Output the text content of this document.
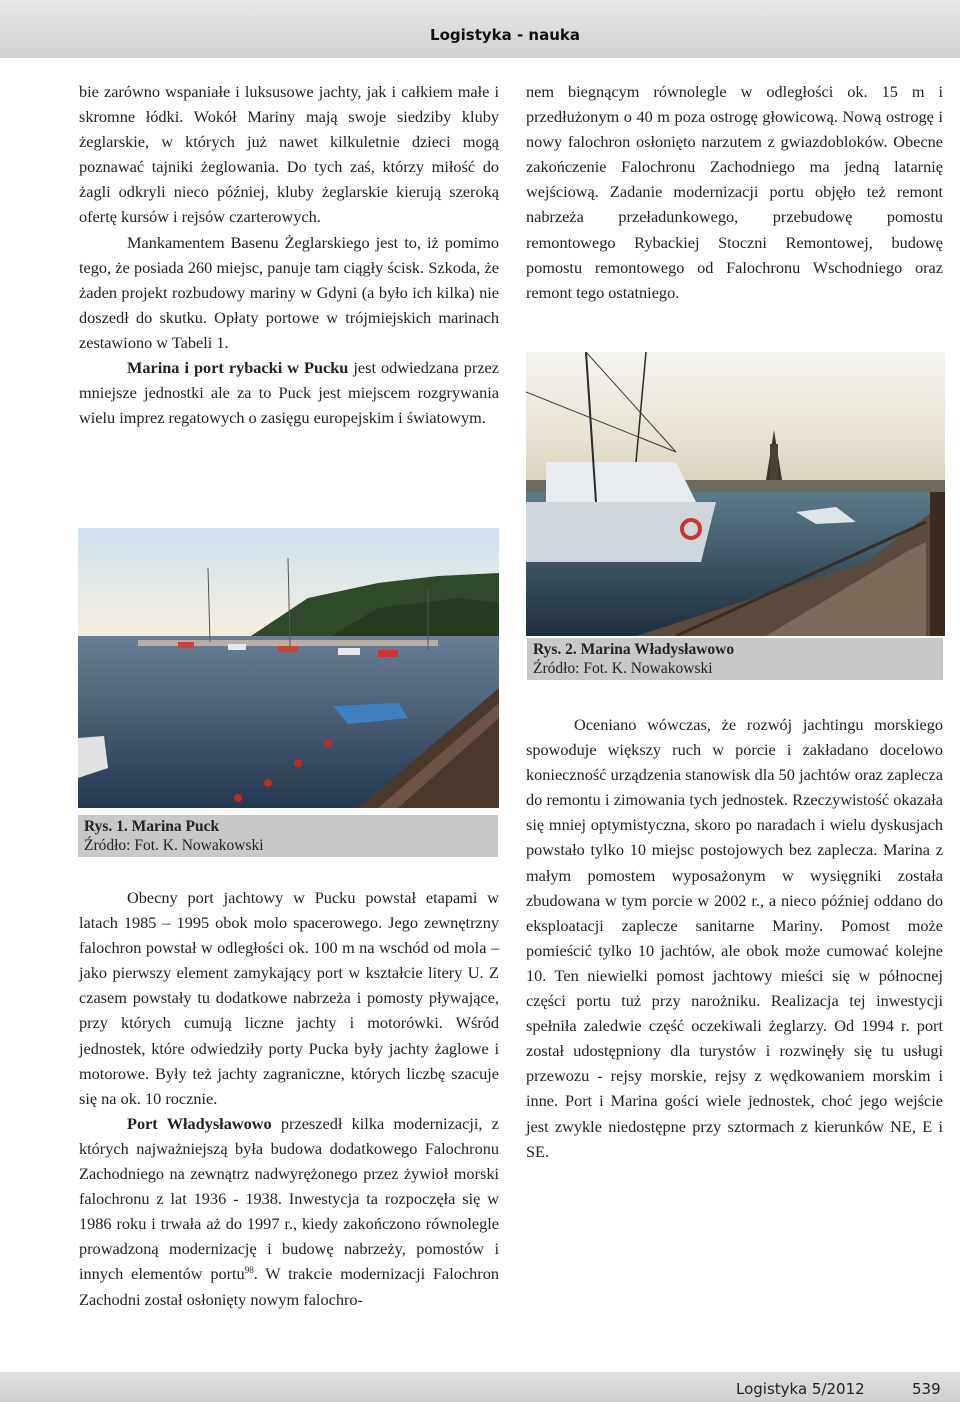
Logistyka - nauka

bie zarówno wspaniałe i luksusowe jachty, jak i całkiem małe i skromne łódki. Wokół Mariny mają swoje siedziby kluby żeglarskie, w których już nawet kilkuletnie dzieci mogą poznawać tajniki żeglowania. Do tych zaś, którzy miłość do żagli odkryli nieco później, kluby żeglarskie kierują szeroką ofertę kursów i rejsów czarterowych.

Mankamentem Basenu Żeglarskiego jest to, iż pomimo tego, że posiada 260 miejsc, panuje tam ciągły ścisk. Szkoda, że żaden projekt rozbudowy mariny w Gdyni (a było ich kilka) nie doszedł do skutku. Opłaty portowe w trójmiejskich marinach zestawiono w Tabeli 1.

Marina i port rybacki w Pucku jest odwiedzana przez mniejsze jednostki ale za to Puck jest miejscem rozgrywania wielu imprez regatowych o zasięgu europejskim i światowym.

nem biegnącym równolegle w odległości ok. 15 m i przedłużonym o 40 m poza ostrogę głowicową. Nową ostrogę i nowy falochron osłonięto narzutem z gwiazdobloków. Obecne zakończenie Falochronu Zachodniego ma jedną latarnię wejściową. Zadanie modernizacji portu objęło też remont nabrzeża przeładunkowego, przebudowę pomostu remontowego Rybackiej Stoczni Remontowej, budowę pomostu remontowego od Falochronu Wschodniego oraz remont tego ostatniego.

Rys. 2. Marina Władysławowo
Źródło: Fot. K. Nowakowski
Rys. 1. Marina Puck
Źródło: Fot. K. Nowakowski

Obecny port jachtowy w Pucku powstał etapami w latach 1985 – 1995 obok molo spacerowego. Jego zewnętrzny falochron powstał w odległości ok. 100 m na wschód od mola – jako pierwszy element zamykający port w kształcie litery U. Z czasem powstały tu dodatkowe nabrzeża i pomosty pływające, przy których cumują liczne jachty i motorówki. Wśród jednostek, które odwiedziły porty Pucka były jachty żaglowe i motorowe. Były też jachty zagraniczne, których liczbę szacuje się na ok. 10 rocznie.

Port Władysławowo przeszedł kilka modernizacji, z których najważniejszą była budowa dodatkowego Falochronu Zachodniego na zewnątrz nadwyrężonego przez żywioł morski falochronu z lat 1936 - 1938. Inwestycja ta rozpoczęła się w 1986 roku i trwała aż do 1997 r., kiedy zakończono równolegle prowadzoną modernizację i budowę nabrzeży, pomostów i innych elementów portu$^{98}$. W trakcie modernizacji Falochron Zachodni został osłonięty nowym falochro-

Oceniano wówczas, że rozwój jachtingu morskiego spowoduje większy ruch w porcie i zakładano docelowo konieczność urządzenia stanowisk dla 50 jachtów oraz zaplecza do remontu i zimowania tych jednostek. Rzeczywistość okazała się mniej optymistyczna, skoro po naradach i wielu dyskusjach powstało tylko 10 miejsc postojowych bez zaplecza. Marina z małym pomostem wyposażonym w wysięgniki została zbudowana w tym porcie w 2002 r., a nieco później oddano do eksploatacji zaplecze sanitarne Mariny. Pomost może pomieścić tylko 10 jachtów, ale obok może cumować kolejne 10. Ten niewielki pomost jachtowy mieści się w północnej części portu tuż przy narożniku. Realizacja tej inwestycji spełniła zaledwie część oczekiwali żeglarzy. Od 1994 r. port został udostępniony dla turystów i rozwinęły się tu usługi przewozu - rejsy morskie, rejsy z wędkowaniem morskim i inne. Port i Marina gości wiele jednostek, choć jego wejście jest zwykle niedostępne przy sztormach z kierunków NE, E i SE.

Logistyka 5/2012	539
